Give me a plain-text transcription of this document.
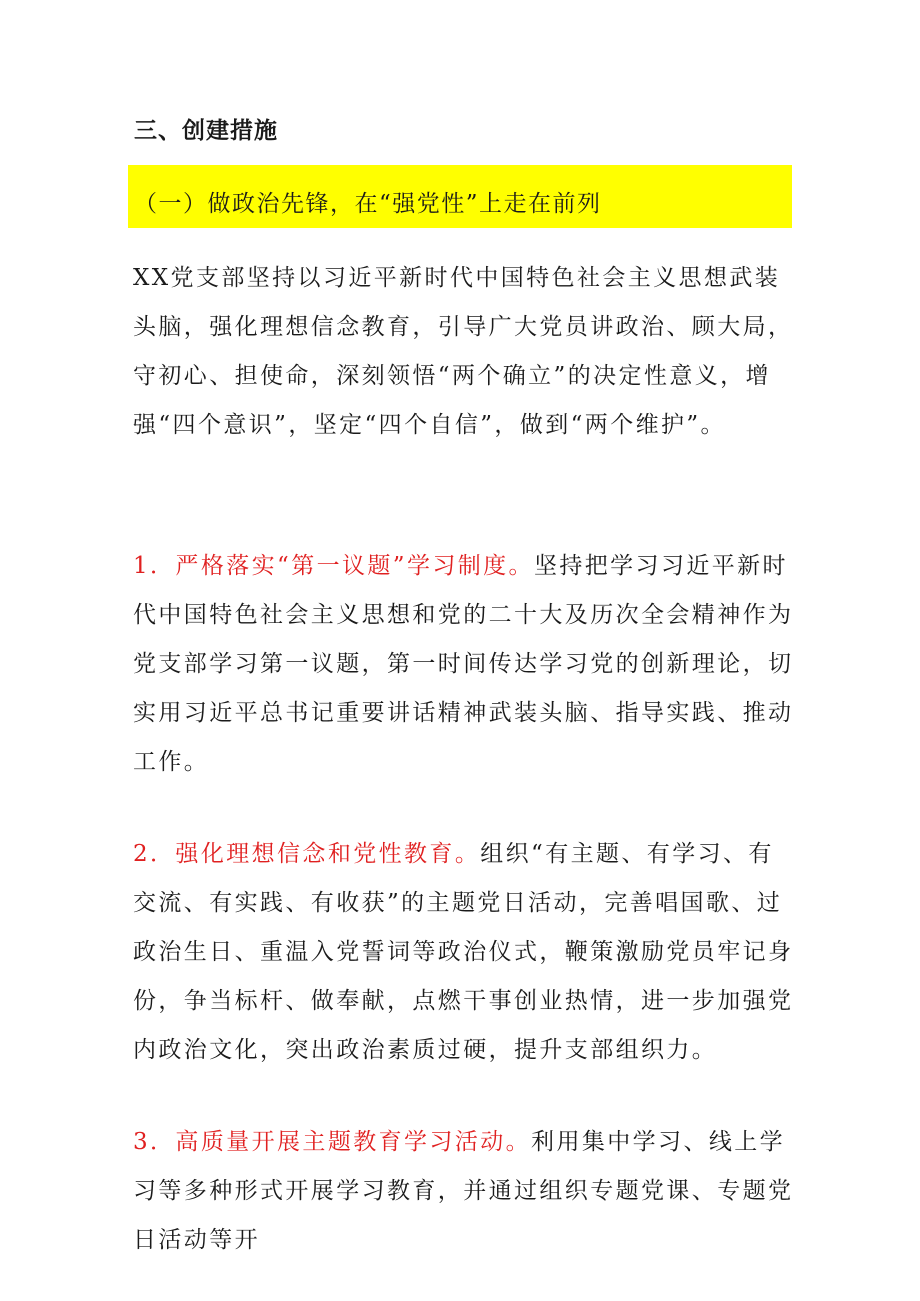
三、创建措施
（一）做政治先锋，在“强党性”上走在前列

XX党支部坚持以习近平新时代中国特色社会主义思想武装头脑，强化理想信念教育，引导广大党员讲政治、顾大局，守初心、担使命，深刻领悟“两个确立”的决定性意义，增强“四个意识”，坚定“四个自信”，做到“两个维护”。

1．严格落实“第一议题”学习制度。坚持把学习习近平新时代中国特色社会主义思想和党的二十大及历次全会精神作为党支部学习第一议题，第一时间传达学习党的创新理论，切实用习近平总书记重要讲话精神武装头脑、指导实践、推动工作。

2．强化理想信念和党性教育。组织“有主题、有学习、有交流、有实践、有收获”的主题党日活动，完善唱国歌、过政治生日、重温入党誓词等政治仪式，鞭策激励党员牢记身份，争当标杆、做奉献，点燃干事创业热情，进一步加强党内政治文化，突出政治素质过硬，提升支部组织力。

3．高质量开展主题教育学习活动。利用集中学习、线上学习等多种形式开展学习教育，并通过组织专题党课、专题党日活动等开
